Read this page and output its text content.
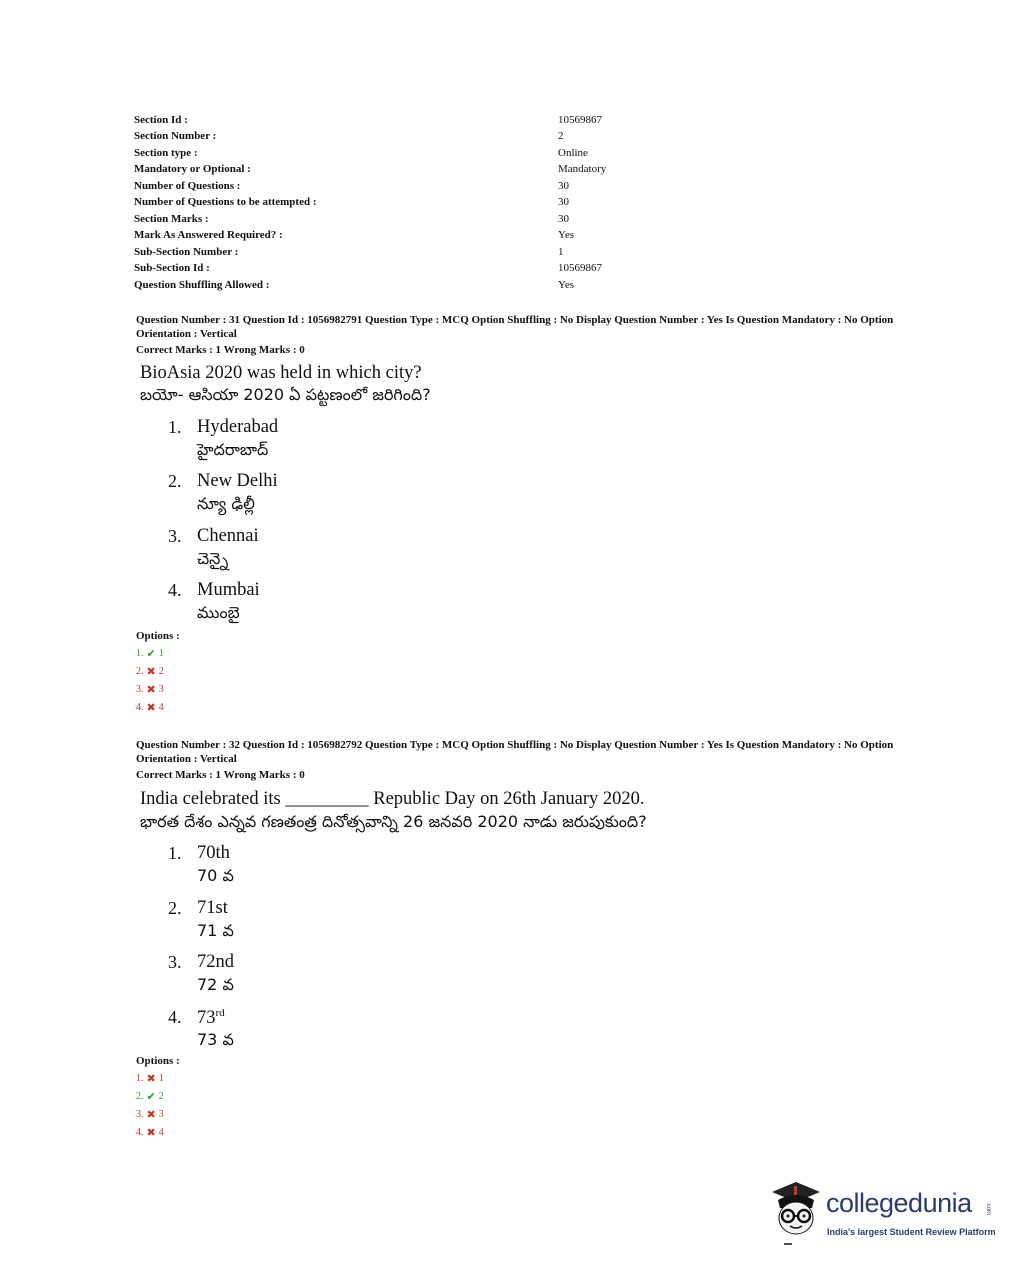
Section Id :	10569867
Section Number :	2
Section type :	Online
Mandatory or Optional :	Mandatory
Number of Questions :	30
Number of Questions to be attempted :	30
Section Marks :	30
Mark As Answered Required? :	Yes
Sub-Section Number :	1
Sub-Section Id :	10569867
Question Shuffling Allowed :	Yes
Question Number : 31 Question Id : 1056982791 Question Type : MCQ Option Shuffling : No Display Question Number : Yes Is Question Mandatory : No Option Orientation : Vertical
Correct Marks : 1 Wrong Marks : 0
BioAsia 2020 was held in which city?
బయో- ఆసియా 2020 ఏ పట్టణంలో జరిగింది?
1. Hyderabad
హైదరాబాద్
2. New Delhi
న్యూ ఢిల్లీ
3. Chennai
చెన్నై
4. Mumbai
ముంబై
Options :
1. ✔ 1
2. ✖ 2
3. ✖ 3
4. ✖ 4
Question Number : 32 Question Id : 1056982792 Question Type : MCQ Option Shuffling : No Display Question Number : Yes Is Question Mandatory : No Option Orientation : Vertical
Correct Marks : 1 Wrong Marks : 0
India celebrated its _________ Republic Day on 26th January 2020.
భారత దేశం ఎన్నవ గణతంత్ర దినోత్సవాన్ని 26 జనవరి 2020 నాడు జరుపుకుంది?
1. 70th
70 వ
2. 71st
71 వ
3. 72nd
72 వ
4. 73rd
73 వ
Options :
1. ✖ 1
2. ✔ 2
3. ✖ 3
4. ✖ 4
collegedunia .com
India's largest Student Review Platform
